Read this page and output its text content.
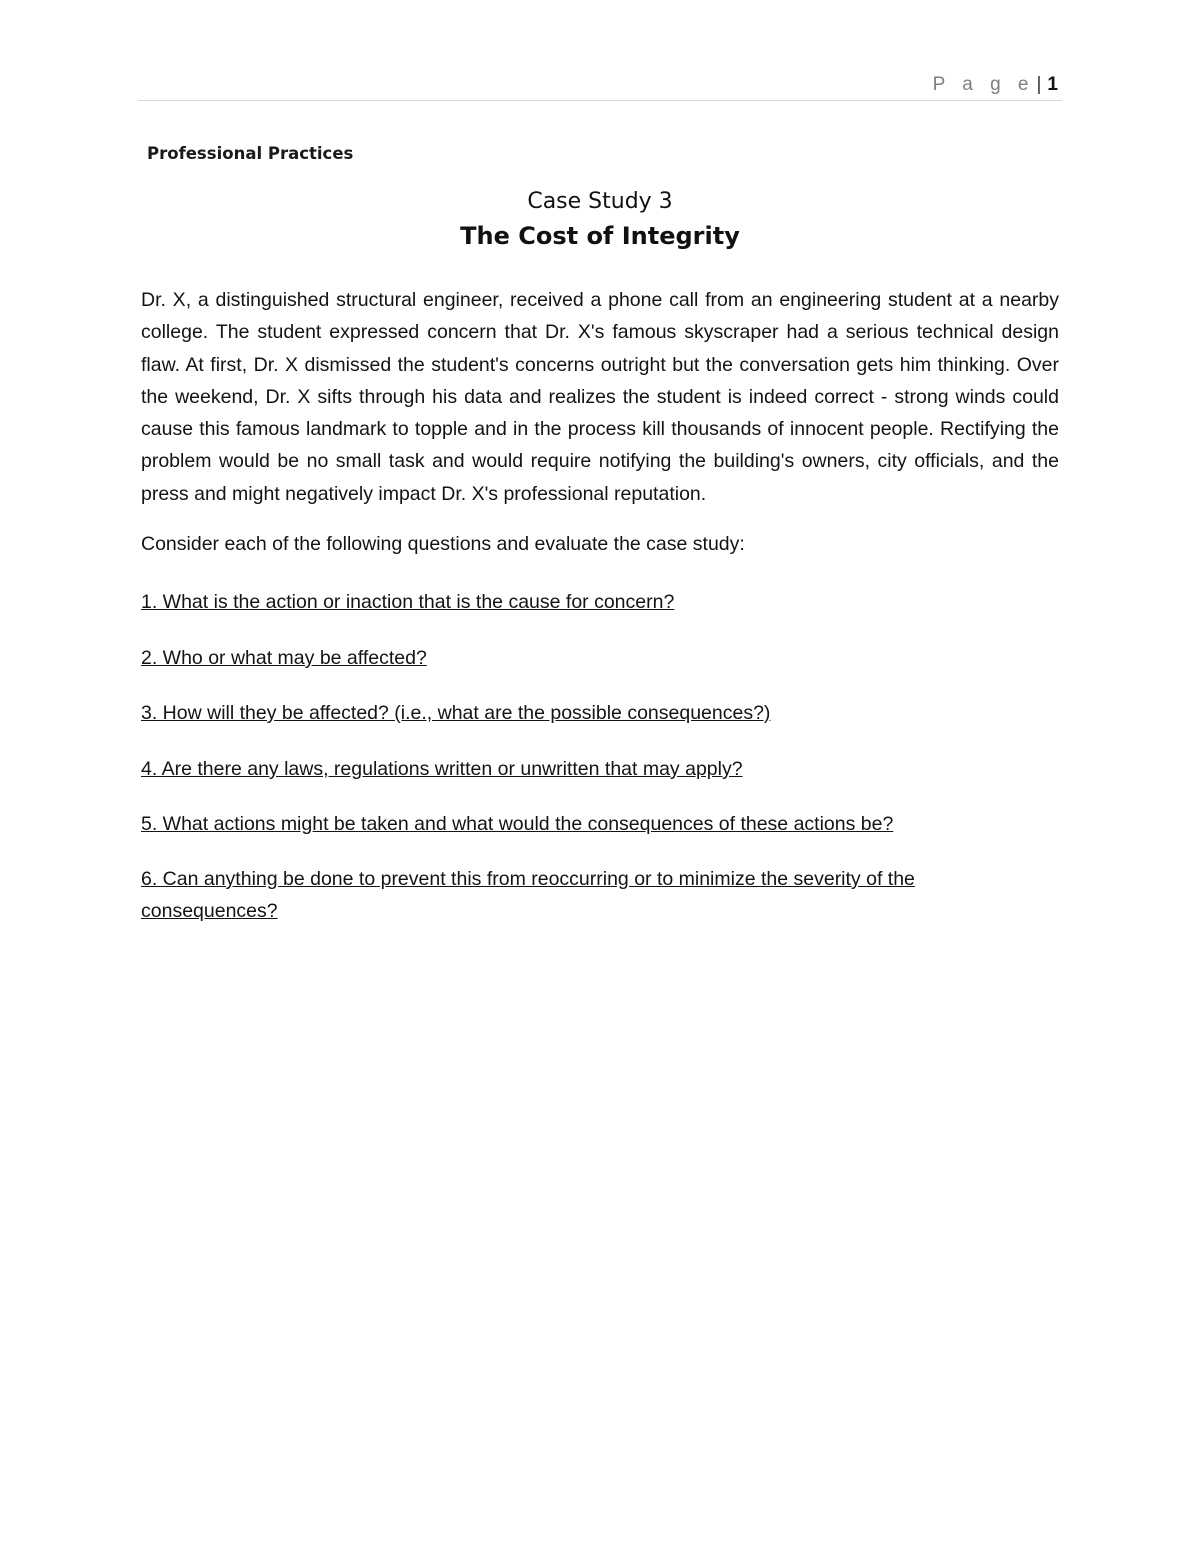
P a g e | 1
Professional Practices
Case Study 3
The Cost of Integrity
Dr. X, a distinguished structural engineer, received a phone call from an engineering student at a nearby college. The student expressed concern that Dr. X's famous skyscraper had a serious technical design flaw. At first, Dr. X dismissed the student's concerns outright but the conversation gets him thinking. Over the weekend, Dr. X sifts through his data and realizes the student is indeed correct - strong winds could cause this famous landmark to topple and in the process kill thousands of innocent people. Rectifying the problem would be no small task and would require notifying the building's owners, city officials, and the press and might negatively impact Dr. X's professional reputation.
Consider each of the following questions and evaluate the case study:
1. What is the action or inaction that is the cause for concern?
2. Who or what may be affected?
3. How will they be affected? (i.e., what are the possible consequences?)
4. Are there any laws, regulations written or unwritten that may apply?
5. What actions might be taken and what would the consequences of these actions be?
6. Can anything be done to prevent this from reoccurring or to minimize the severity of the consequences?
